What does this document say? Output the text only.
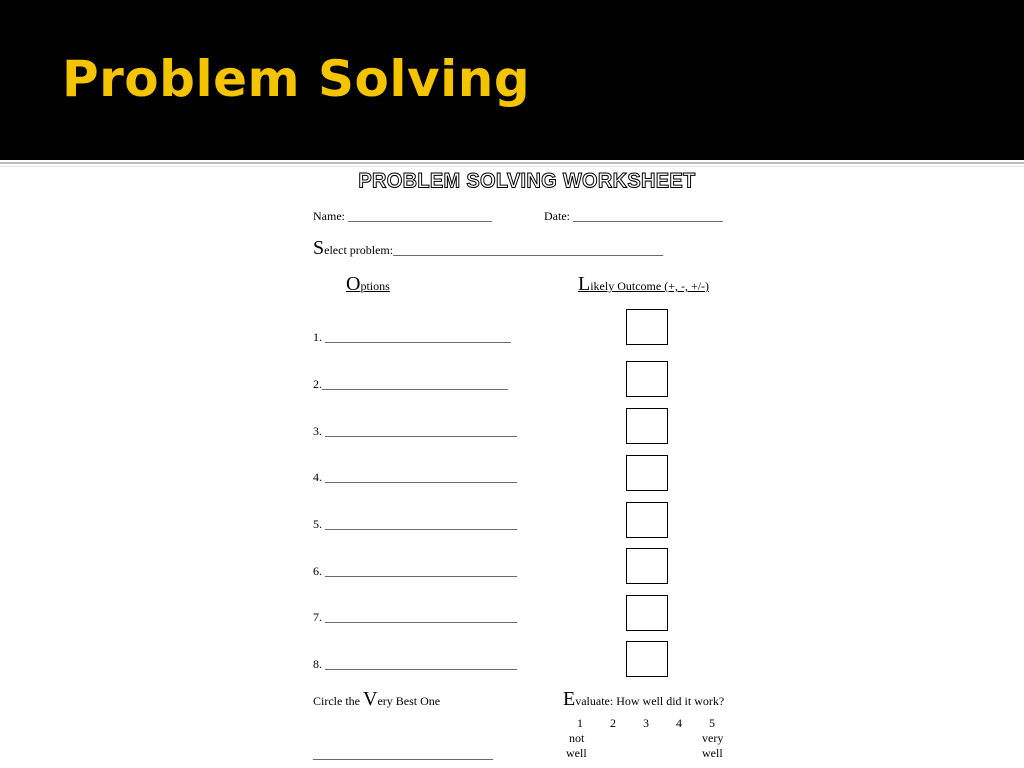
Problem Solving
PROBLEM SOLVING WORKSHEET
Name: ________________________	Date: _________________________
Select problem:_____________________________________________
Options	Likely Outcome (+, -, +/-)
1. _______________________________
2._______________________________
3. ________________________________
4. ________________________________
5. ________________________________
6. ________________________________
7. ________________________________
8. ________________________________
Circle the Very Best One
______________________________
Evaluate: How well did it work?
1 2 3 4 5
not
well
very
well
